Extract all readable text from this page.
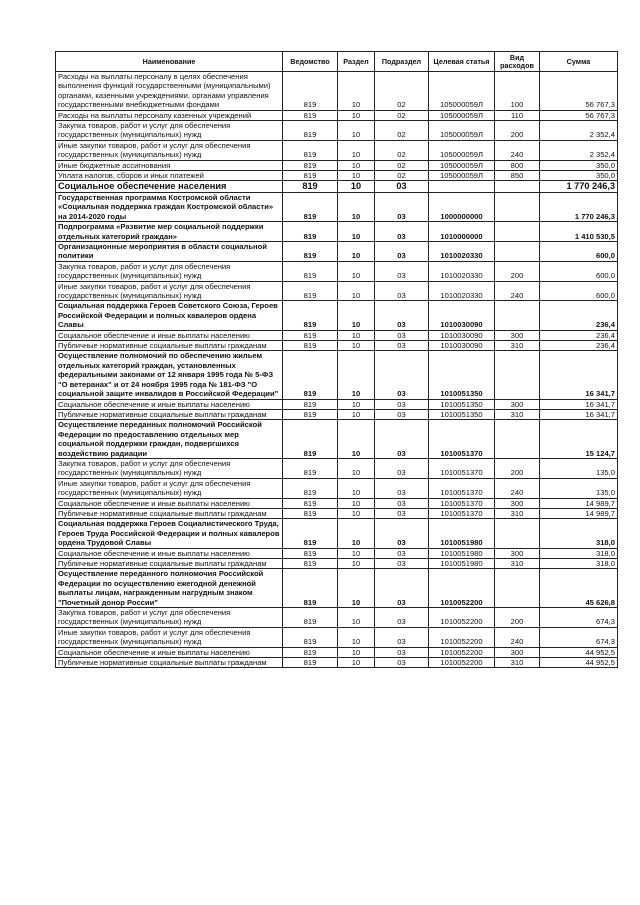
Наименование	Ведомство	Раздел	Подраздел	Целевая статья	Вид расходов	Сумма
Расходы на выплаты персоналу в целях обеспечения выполнения функций государственными (муниципальными) органами, казенными учреждениями, органами управления государственными внебюджетными фондами	819	10	02	105000059Л	100	56 767,3
Расходы на выплаты персоналу казенных учреждений	819	10	02	105000059Л	110	56 767,3
Закупка товаров, работ и услуг для обеспечения государственных (муниципальных) нужд	819	10	02	105000059Л	200	2 352,4
Иные закупки товаров, работ и услуг для обеспечения государственных (муниципальных) нужд	819	10	02	105000059Л	240	2 352,4
Иные бюджетные ассигнования	819	10	02	105000059Л	800	350,0
Уплата налогов, сборов и иных платежей	819	10	02	105000059Л	850	350,0
Социальное обеспечение населения	819	10	03			1 770 246,3
Государственная программа Костромской области «Социальная поддержка граждан Костромской области» на 2014-2020 годы	819	10	03	1000000000		1 770 246,3
Подпрограмма «Развитие мер социальной поддержки отдельных категорий граждан»	819	10	03	1010000000		1 410 530,5
Организационные мероприятия в области социальной политики	819	10	03	1010020330		600,0
Закупка товаров, работ и услуг для обеспечения государственных (муниципальных) нужд	819	10	03	1010020330	200	600,0
Иные закупки товаров, работ и услуг для обеспечения государственных (муниципальных) нужд	819	10	03	1010020330	240	600,0
Социальная поддержка Героев Советского Союза, Героев Российской Федерации и полных кавалеров ордена Славы	819	10	03	1010030090		236,4
Социальное обеспечение и иные выплаты населению	819	10	03	1010030090	300	236,4
Публичные нормативные социальные выплаты гражданам	819	10	03	1010030090	310	236,4
Осуществление полномочий по обеспечению жильем отдельных категорий граждан, установленных федеральными законами от 12 января 1995 года № 5-ФЗ "О ветеранах" и от 24 ноября 1995 года № 181-ФЗ "О социальной защите инвалидов в Российской Федерации"	819	10	03	1010051350		16 341,7
Социальное обеспечение и иные выплаты населению	819	10	03	1010051350	300	16 341,7
Публичные нормативные социальные выплаты гражданам	819	10	03	1010051350	310	16 341,7
Осуществление переданных полномочий Российской Федерации по предоставлению отдельных мер социальной поддержки граждан, подвергшихся воздействию радиации	819	10	03	1010051370		15 124,7
Закупка товаров, работ и услуг для обеспечения государственных (муниципальных) нужд	819	10	03	1010051370	200	135,0
Иные закупки товаров, работ и услуг для обеспечения государственных (муниципальных) нужд	819	10	03	1010051370	240	135,0
Социальное обеспечение и иные выплаты населению	819	10	03	1010051370	300	14 989,7
Публичные нормативные социальные выплаты гражданам	819	10	03	1010051370	310	14 989,7
Социальная поддержка Героев Социалистического Труда, Героев Труда Российской Федерации и полных кавалеров ордена Трудовой Славы	819	10	03	1010051980		318,0
Социальное обеспечение и иные выплаты населению	819	10	03	1010051980	300	318,0
Публичные нормативные социальные выплаты гражданам	819	10	03	1010051980	310	318,0
Осуществление переданного полномочия Российской Федерации по осуществлению ежегодной денежной выплаты лицам, награжденным нагрудным знаком "Почетный донор России"	819	10	03	1010052200		45 626,8
Закупка товаров, работ и услуг для обеспечения государственных (муниципальных) нужд	819	10	03	1010052200	200	674,3
Иные закупки товаров, работ и услуг для обеспечения государственных (муниципальных) нужд	819	10	03	1010052200	240	674,3
Социальное обеспечение и иные выплаты населению	819	10	03	1010052200	300	44 952,5
Публичные нормативные социальные выплаты гражданам	819	10	03	1010052200	310	44 952,5
